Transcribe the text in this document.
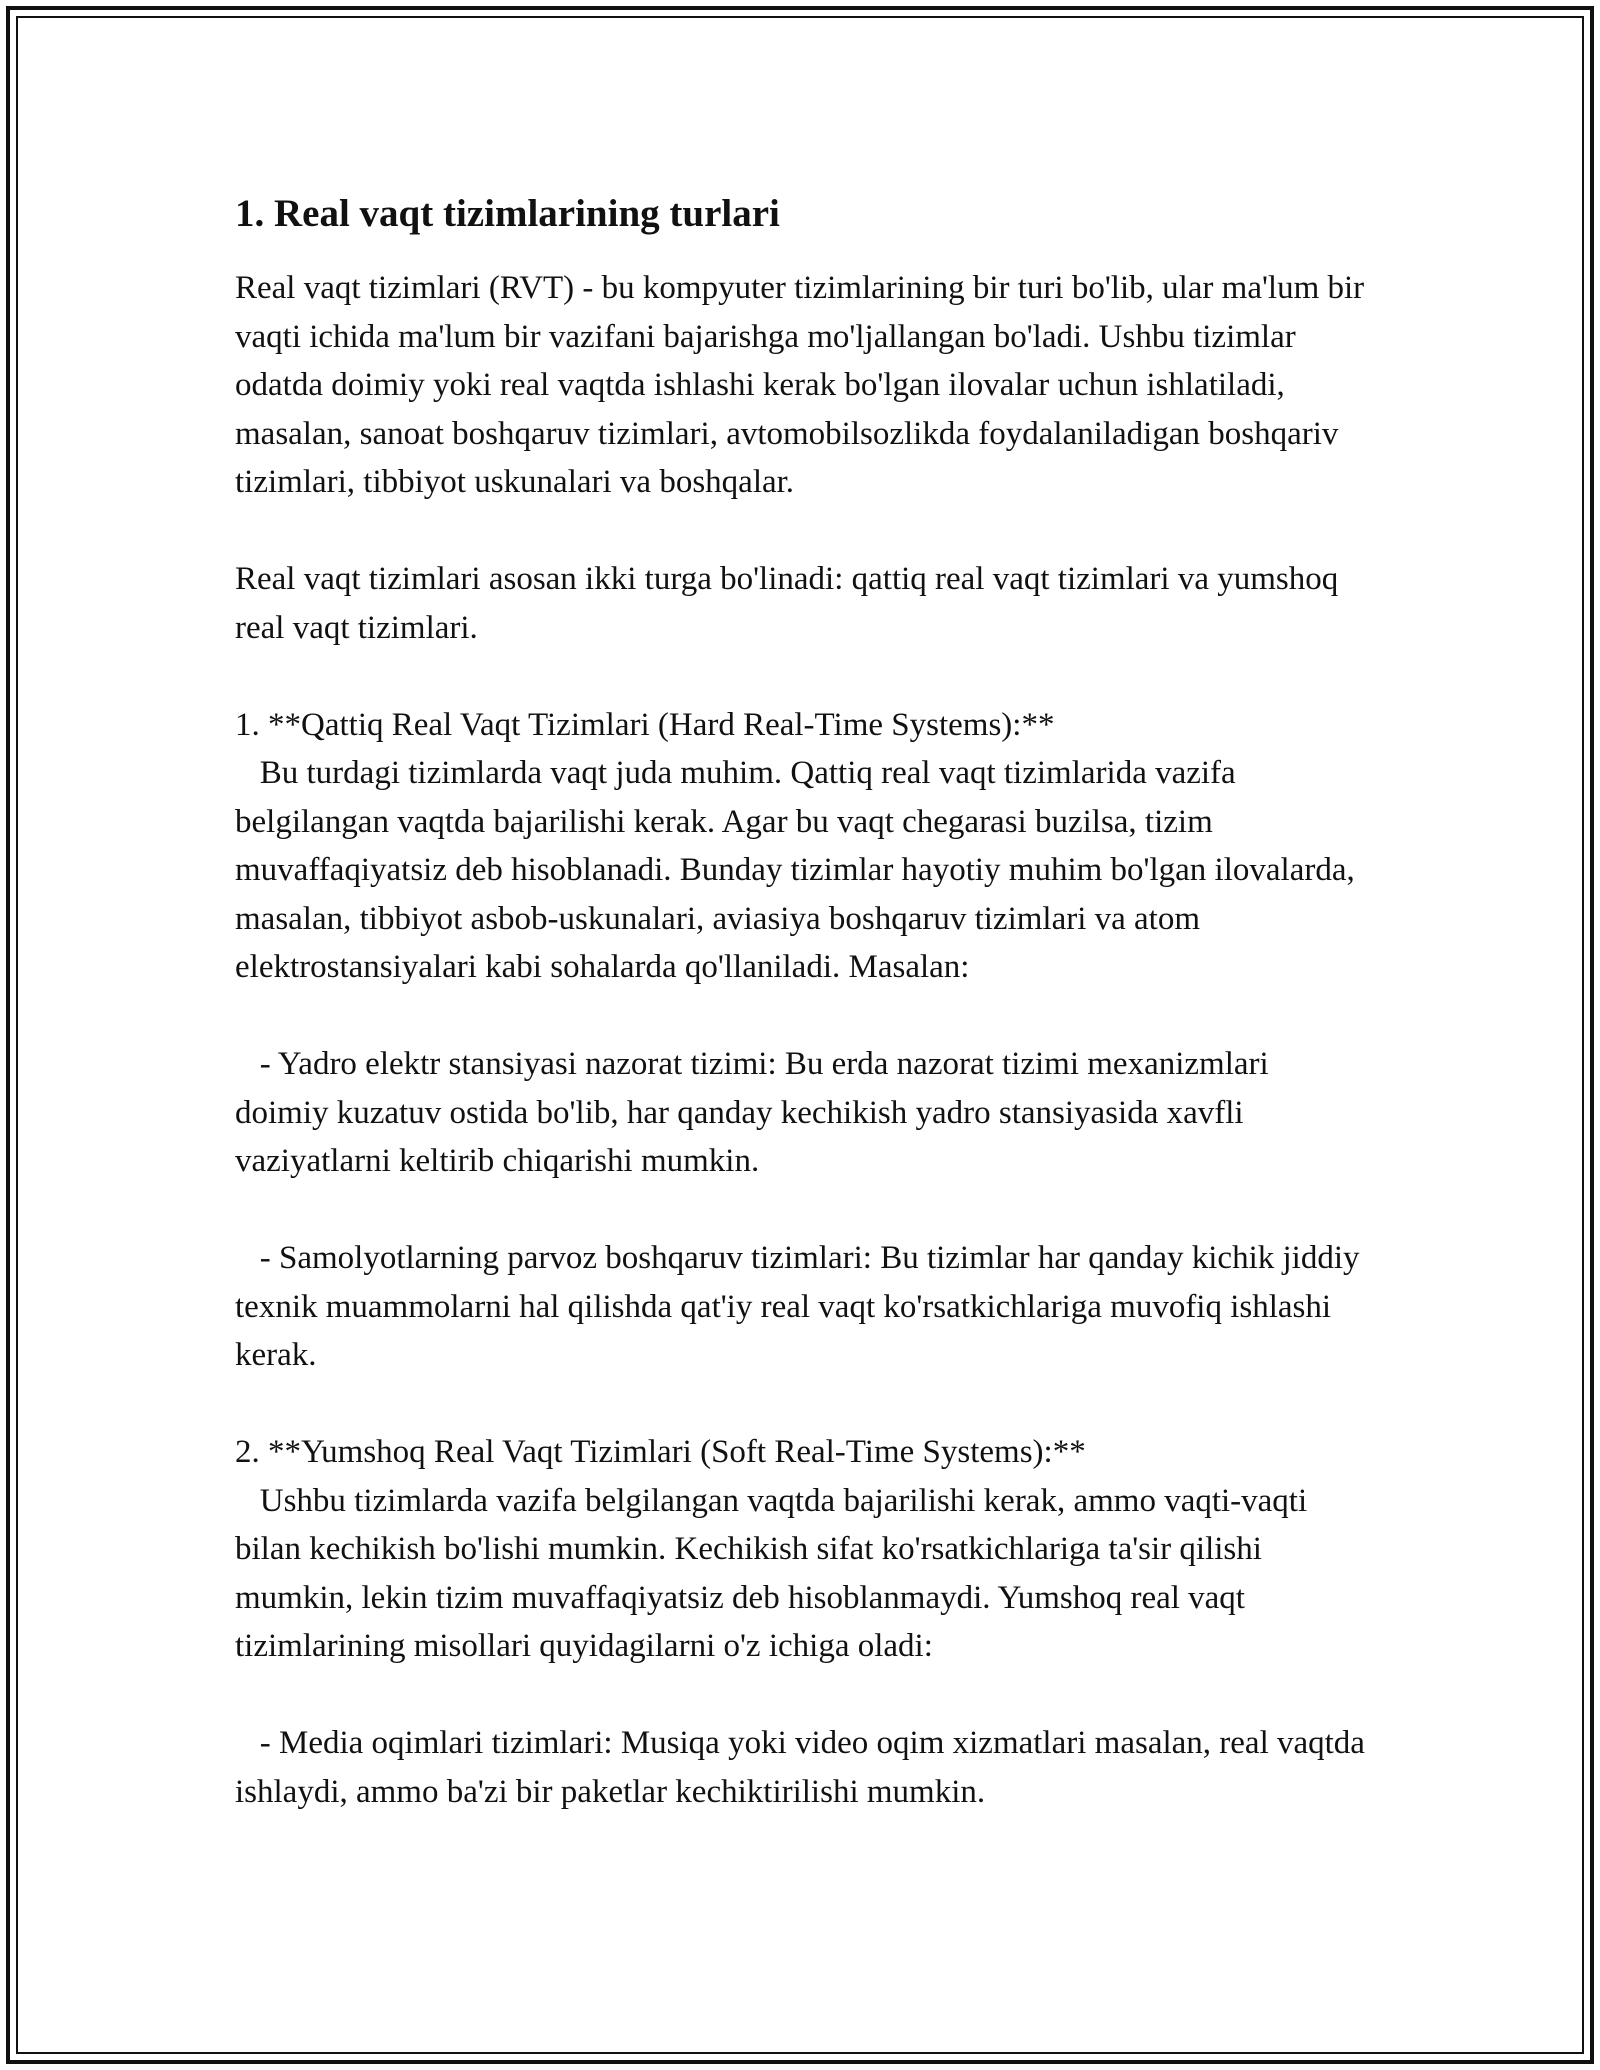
1. Real vaqt tizimlarining turlari

Real vaqt tizimlari (RVT) - bu kompyuter tizimlarining bir turi bo'lib, ular ma'lum bir vaqti ichida ma'lum bir vazifani bajarishga mo'ljallangan bo'ladi. Ushbu tizimlar odatda doimiy yoki real vaqtda ishlashi kerak bo'lgan ilovalar uchun ishlatiladi, masalan, sanoat boshqaruv tizimlari, avtomobilsozlikda foydalaniladigan boshqariv tizimlari, tibbiyot uskunalari va boshqalar.

Real vaqt tizimlari asosan ikki turga bo'linadi: qattiq real vaqt tizimlari va yumshoq real vaqt tizimlari.

1. **Qattiq Real Vaqt Tizimlari (Hard Real-Time Systems):**
Bu turdagi tizimlarda vaqt juda muhim. Qattiq real vaqt tizimlarida vazifa belgilangan vaqtda bajarilishi kerak. Agar bu vaqt chegarasi buzilsa, tizim muvaffaqiyatsiz deb hisoblanadi. Bunday tizimlar hayotiy muhim bo'lgan ilovalarda, masalan, tibbiyot asbob-uskunalari, aviasiya boshqaruv tizimlari va atom elektrostansiyalari kabi sohalarda qo'llaniladi. Masalan:

- Yadro elektr stansiyasi nazorat tizimi: Bu erda nazorat tizimi mexanizmlari doimiy kuzatuv ostida bo'lib, har qanday kechikish yadro stansiyasida xavfli vaziyatlarni keltirib chiqarishi mumkin.

- Samolyotlarning parvoz boshqaruv tizimlari: Bu tizimlar har qanday kichik jiddiy texnik muammolarni hal qilishda qat'iy real vaqt ko'rsatkichlariga muvofiq ishlashi kerak.

2. **Yumshoq Real Vaqt Tizimlari (Soft Real-Time Systems):**
Ushbu tizimlarda vazifa belgilangan vaqtda bajarilishi kerak, ammo vaqti-vaqti bilan kechikish bo'lishi mumkin. Kechikish sifat ko'rsatkichlariga ta'sir qilishi mumkin, lekin tizim muvaffaqiyatsiz deb hisoblanmaydi. Yumshoq real vaqt tizimlarining misollari quyidagilarni o'z ichiga oladi:

- Media oqimlari tizimlari: Musiqa yoki video oqim xizmatlari masalan, real vaqtda ishlaydi, ammo ba'zi bir paketlar kechiktirilishi mumkin.
